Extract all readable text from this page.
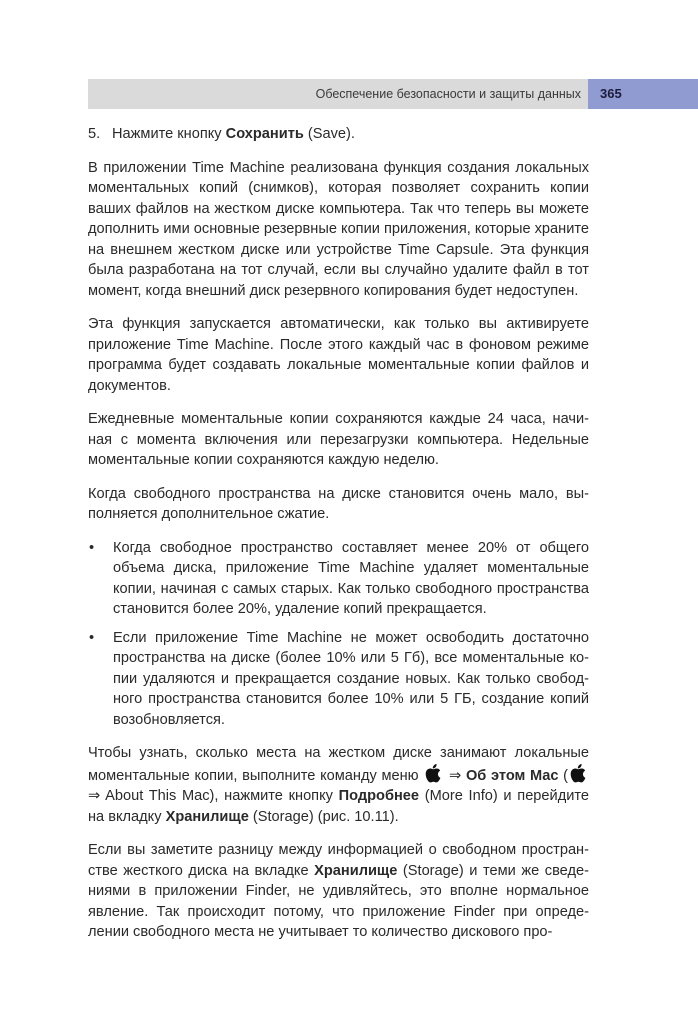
Обеспечение безопасности и защиты данных	365

5. Нажмите кнопку Сохранить (Save).

В приложении Time Machine реализована функция создания локальных моментальных копий (снимков), которая позволяет сохранить копии ваших файлов на жестком диске компьютера. Так что теперь вы можете дополнить ими основные резервные копии приложения, которые храните на внешнем жестком диске или устройстве Time Capsule. Эта функция была разработана на тот случай, если вы случайно удалите файл в тот момент, когда внешний диск резервного копирования будет недоступен.

Эта функция запускается автоматически, как только вы активируете приложение Time Machine. После этого каждый час в фоновом режиме программа будет создавать локальные моментальные копии файлов и документов.

Ежедневные моментальные копии сохраняются каждые 24 часа, начиная с момента включения или перезагрузки компьютера. Недельные моментальные копии сохраняются каждую неделю.

Когда свободного пространства на диске становится очень мало, выполняется дополнительное сжатие.

• Когда свободное пространство составляет менее 20% от общего объема диска, приложение Time Machine удаляет моментальные копии, начиная с самых старых. Как только свободного пространства становится более 20%, удаление копий прекращается.
• Если приложение Time Machine не может освободить достаточно пространства на диске (более 10% или 5 Гб), все моментальные копии удаляются и прекращается создание новых. Как только свободного пространства становится более 10% или 5 ГБ, создание копий возобновляется.

Чтобы узнать, сколько места на жестком диске занимают локальные моментальные копии, выполните команду меню
⇒ Об этом Mac (
⇒ About This Mac), нажмите кнопку Подробнее (More Info) и перейдите на вкладку Хранилище (Storage) (рис. 10.11).

Если вы заметите разницу между информацией о свободном пространстве жесткого диска на вкладке Хранилище (Storage) и теми же сведениями в приложении Finder, не удивляйтесь, это вполне нормальное явление. Так происходит потому, что приложение Finder при определении свободного места не учитывает то количество дискового про-
